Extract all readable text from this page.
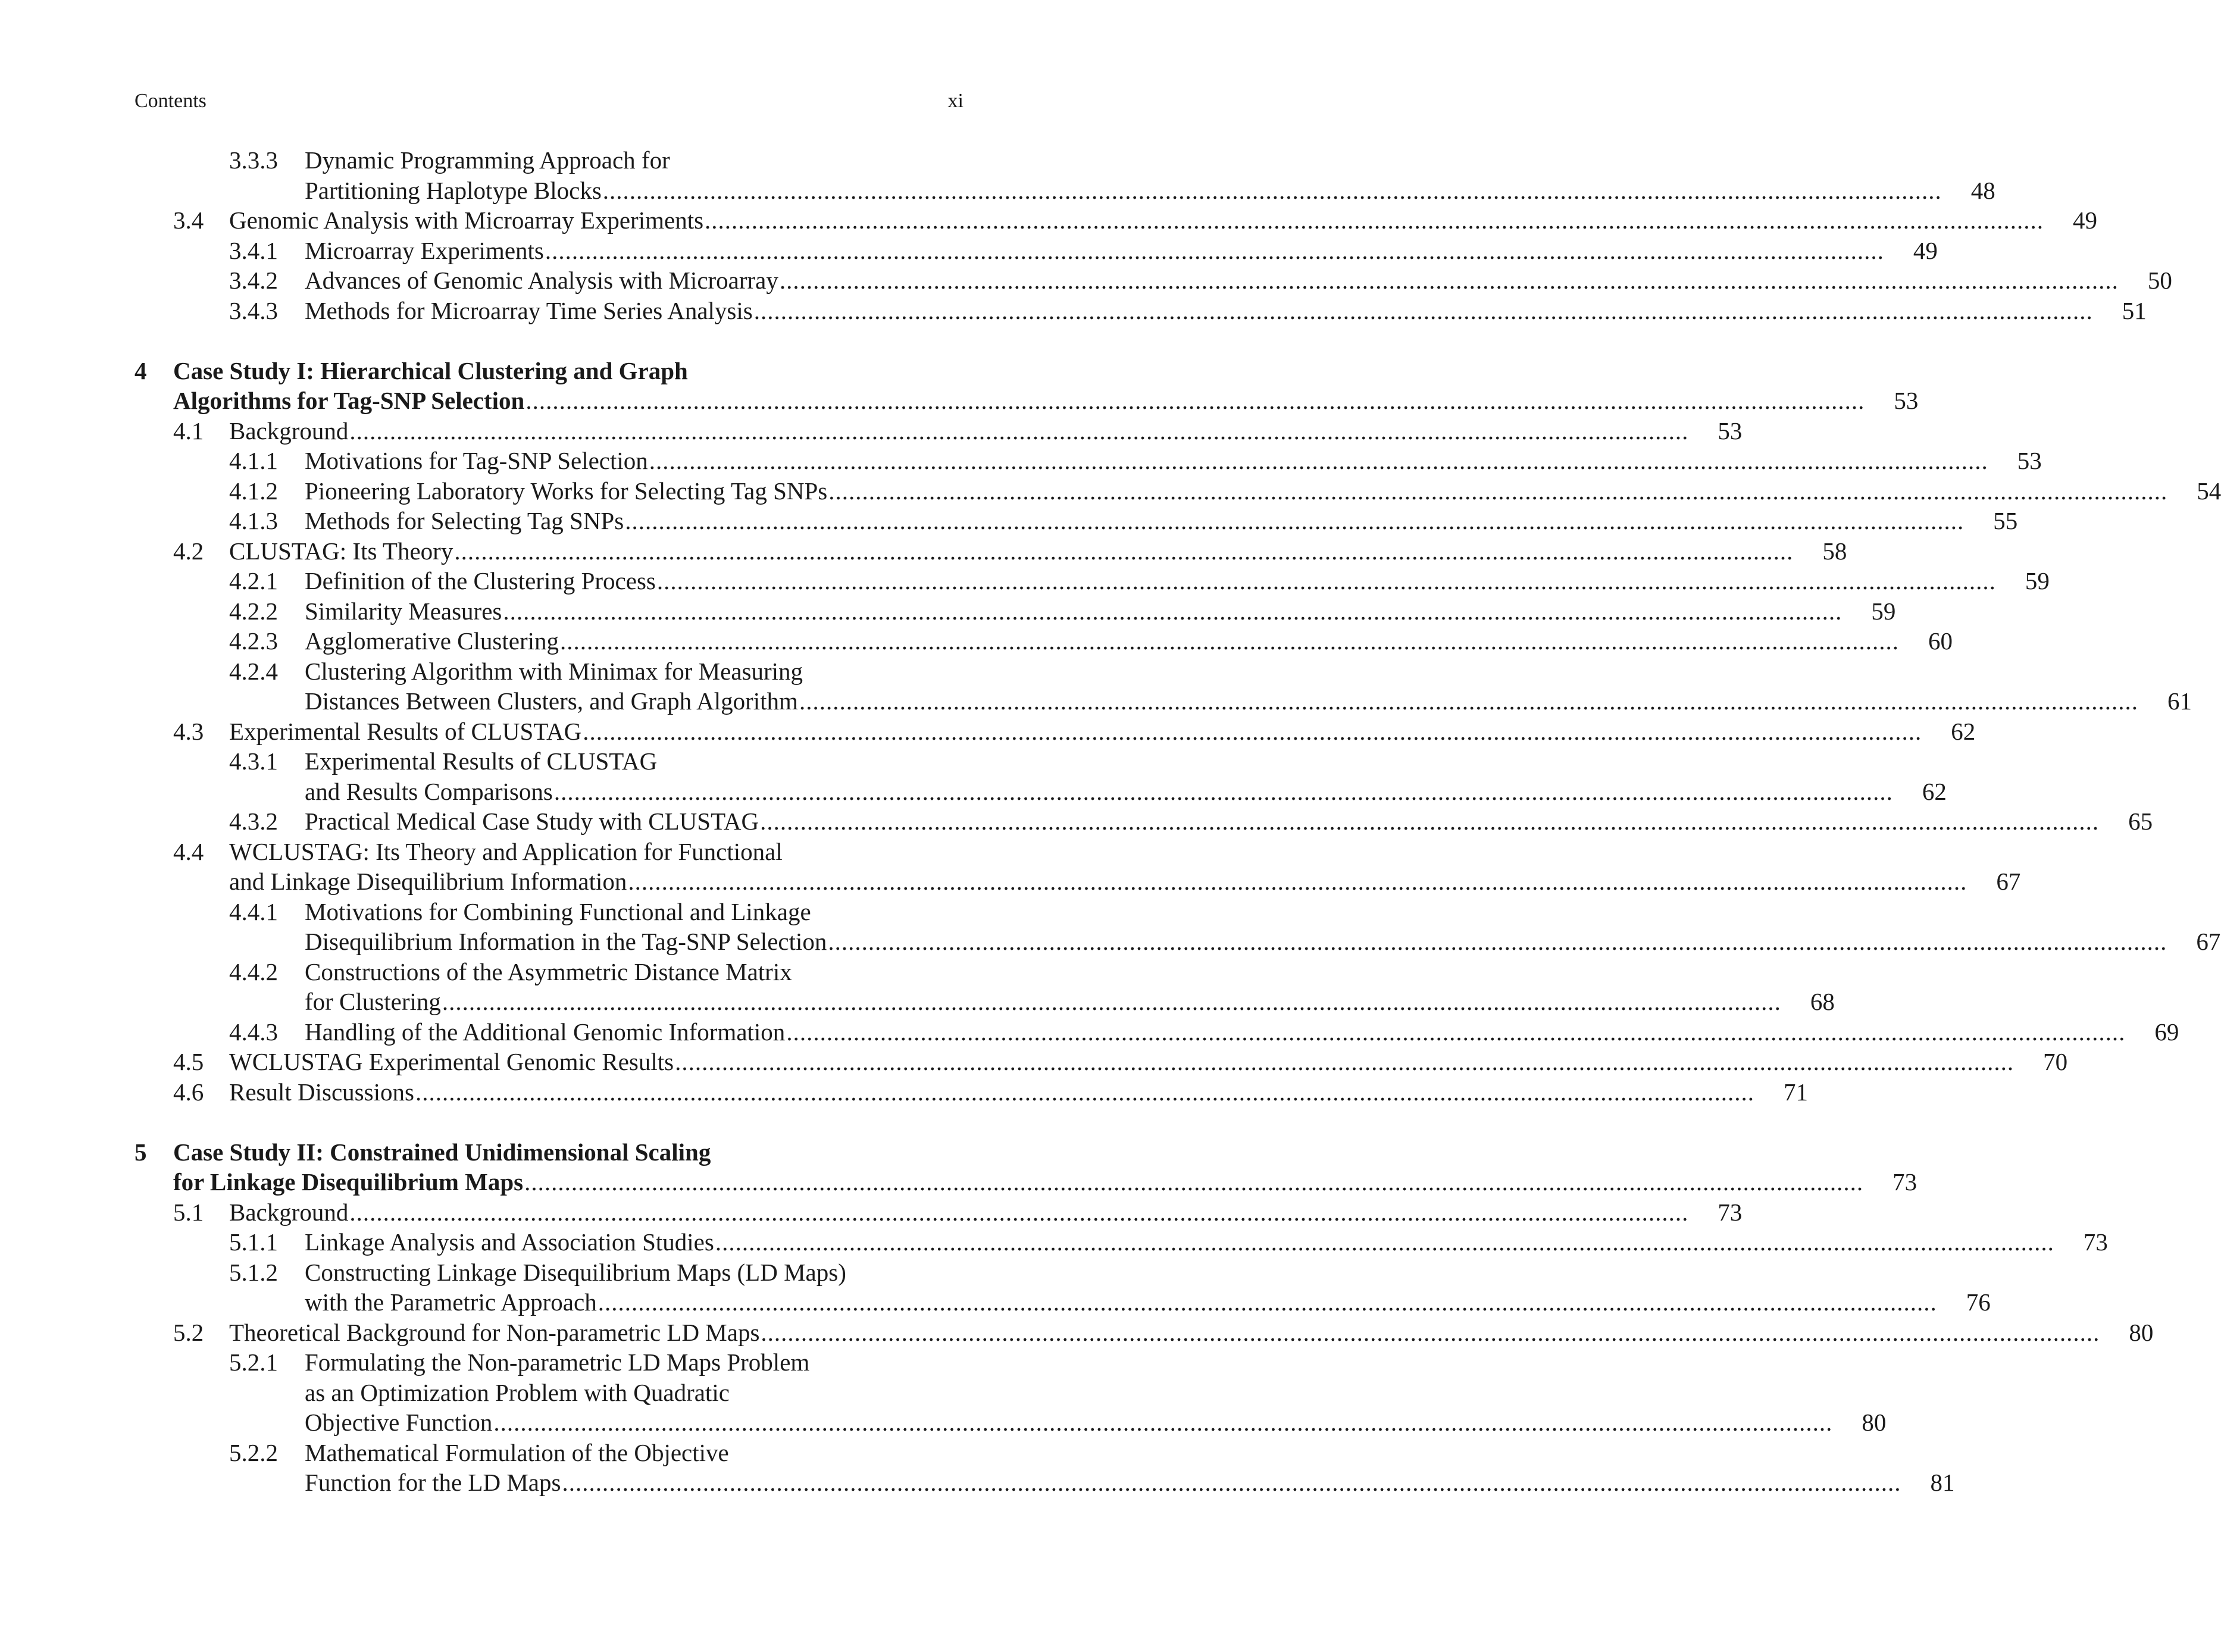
Contents	xi
3.3.3	Dynamic Programming Approach for
Partitioning Haplotype Blocks ........................................................................................................................................................................................................	48
3.4	Genomic Analysis with Microarray Experiments ........................................................................................................................................................................................................	49
3.4.1	Microarray Experiments ........................................................................................................................................................................................................	49
3.4.2	Advances of Genomic Analysis with Microarray ........................................................................................................................................................................................................	50
3.4.3	Methods for Microarray Time Series Analysis ........................................................................................................................................................................................................	51
4	Case Study I: Hierarchical Clustering and Graph
Algorithms for Tag-SNP Selection ........................................................................................................................................................................................................	53
4.1	Background ........................................................................................................................................................................................................	53
4.1.1	Motivations for Tag-SNP Selection ........................................................................................................................................................................................................	53
4.1.2	Pioneering Laboratory Works for Selecting Tag SNPs ........................................................................................................................................................................................................	54
4.1.3	Methods for Selecting Tag SNPs ........................................................................................................................................................................................................	55
4.2	CLUSTAG: Its Theory ........................................................................................................................................................................................................	58
4.2.1	Definition of the Clustering Process ........................................................................................................................................................................................................	59
4.2.2	Similarity Measures ........................................................................................................................................................................................................	59
4.2.3	Agglomerative Clustering ........................................................................................................................................................................................................	60
4.2.4	Clustering Algorithm with Minimax for Measuring
Distances Between Clusters, and Graph Algorithm ........................................................................................................................................................................................................	61
4.3	Experimental Results of CLUSTAG ........................................................................................................................................................................................................	62
4.3.1	Experimental Results of CLUSTAG
and Results Comparisons ........................................................................................................................................................................................................	62
4.3.2	Practical Medical Case Study with CLUSTAG ........................................................................................................................................................................................................	65
4.4	WCLUSTAG: Its Theory and Application for Functional
and Linkage Disequilibrium Information ........................................................................................................................................................................................................	67
4.4.1	Motivations for Combining Functional and Linkage
Disequilibrium Information in the Tag-SNP Selection ........................................................................................................................................................................................................	67
4.4.2	Constructions of the Asymmetric Distance Matrix
for Clustering ........................................................................................................................................................................................................	68
4.4.3	Handling of the Additional Genomic Information ........................................................................................................................................................................................................	69
4.5	WCLUSTAG Experimental Genomic Results ........................................................................................................................................................................................................	70
4.6	Result Discussions ........................................................................................................................................................................................................	71
5	Case Study II: Constrained Unidimensional Scaling
for Linkage Disequilibrium Maps ........................................................................................................................................................................................................	73
5.1	Background ........................................................................................................................................................................................................	73
5.1.1	Linkage Analysis and Association Studies ........................................................................................................................................................................................................	73
5.1.2	Constructing Linkage Disequilibrium Maps (LD Maps)
with the Parametric Approach ........................................................................................................................................................................................................	76
5.2	Theoretical Background for Non-parametric LD Maps ........................................................................................................................................................................................................	80
5.2.1	Formulating the Non-parametric LD Maps Problem
as an Optimization Problem with Quadratic
Objective Function ........................................................................................................................................................................................................	80
5.2.2	Mathematical Formulation of the Objective
Function for the LD Maps ........................................................................................................................................................................................................	81
